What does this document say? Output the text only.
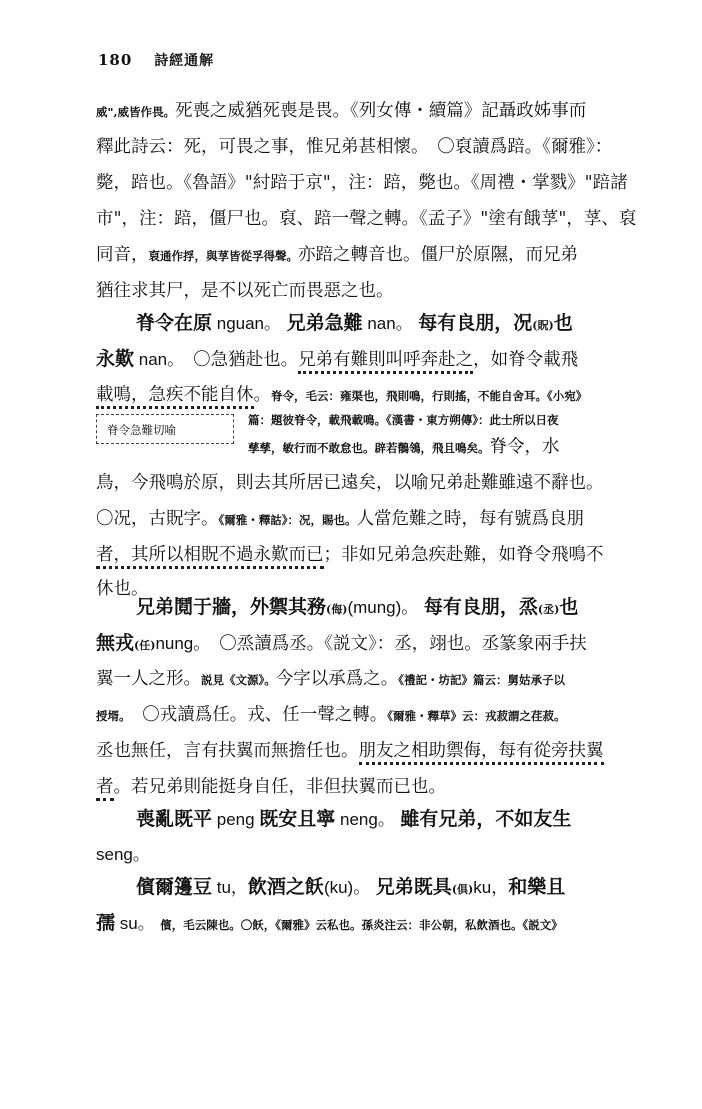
180 詩經通解
威",威皆作畏。死喪之威猶死喪是畏。《列女傳・續篇》記聶政姊事而
釋此詩云：死，可畏之事，惟兄弟甚相懷。　〇裒讀爲踣。《爾雅》：
斃，踣也。《魯語》"紂踣于京"，注：踣，斃也。《周禮・掌戮》"踣諸
市"，注：踣，僵尸也。裒、踣一聲之轉。《孟子》"塗有餓莩"，莩、裒
同音，裒通作捊，與莩皆從孚得聲。亦踣之轉音也。僵尸於原隰，而兄弟
猶往求其尸，是不以死亡而畏惡之也。
脊令在原 nguan。 兄弟急難 nan。 每有良朋，况(貺)也
永歎 nan。　〇急猶赴也。兄弟有難則叫呼奔赴之，如脊令載飛
載鳴，急疾不能自休。脊令，毛云：雍渠也，飛則鳴，行則搖，不能自舍耳。《小宛》
篇：題彼脊令，載飛載鳴。《漢書・東方朔傳》：此士所以日夜
脊令急難切喻
孳孳，敏行而不敢怠也。辟若鶺鴒，飛且鳴矣。脊令，水
鳥，今飛鳴於原，則去其所居已遠矣，以喻兄弟赴難雖遠不辭也。
〇况，古貺字。《爾雅・釋詁》：况，賜也。人當危難之時，每有號爲良朋
者，其所以相貺不過永歎而已；非如兄弟急疾赴難，如脊令飛鳴不
休也。
兄弟鬩于牆，外禦其務(侮)(mung)。 每有良朋，烝(丞)也
無戎(任)nung。　〇烝讀爲丞。《説文》：丞，翊也。丞篆象兩手扶
翼一人之形。説見《文源》。今字以承爲之。《禮記・坊記》篇云：舅姑承子以
授壻。　〇戎讀爲任。戎、任一聲之轉。《爾雅・釋草》云：戎菽謂之荏菽。
丞也無任，言有扶翼而無擔任也。朋友之相助禦侮，每有從旁扶翼
者。若兄弟則能挺身自任，非但扶翼而已也。
喪亂既平 peng 既安且寧 neng。 雖有兄弟，不如友生
seng。
儐爾籩豆 tu，飲酒之飫(ku)。 兄弟既具(俱)ku，和樂且
孺 su。 儐，毛云陳也。〇飫，《爾雅》云私也。孫炎注云：非公朝，私飲酒也。《説文》
